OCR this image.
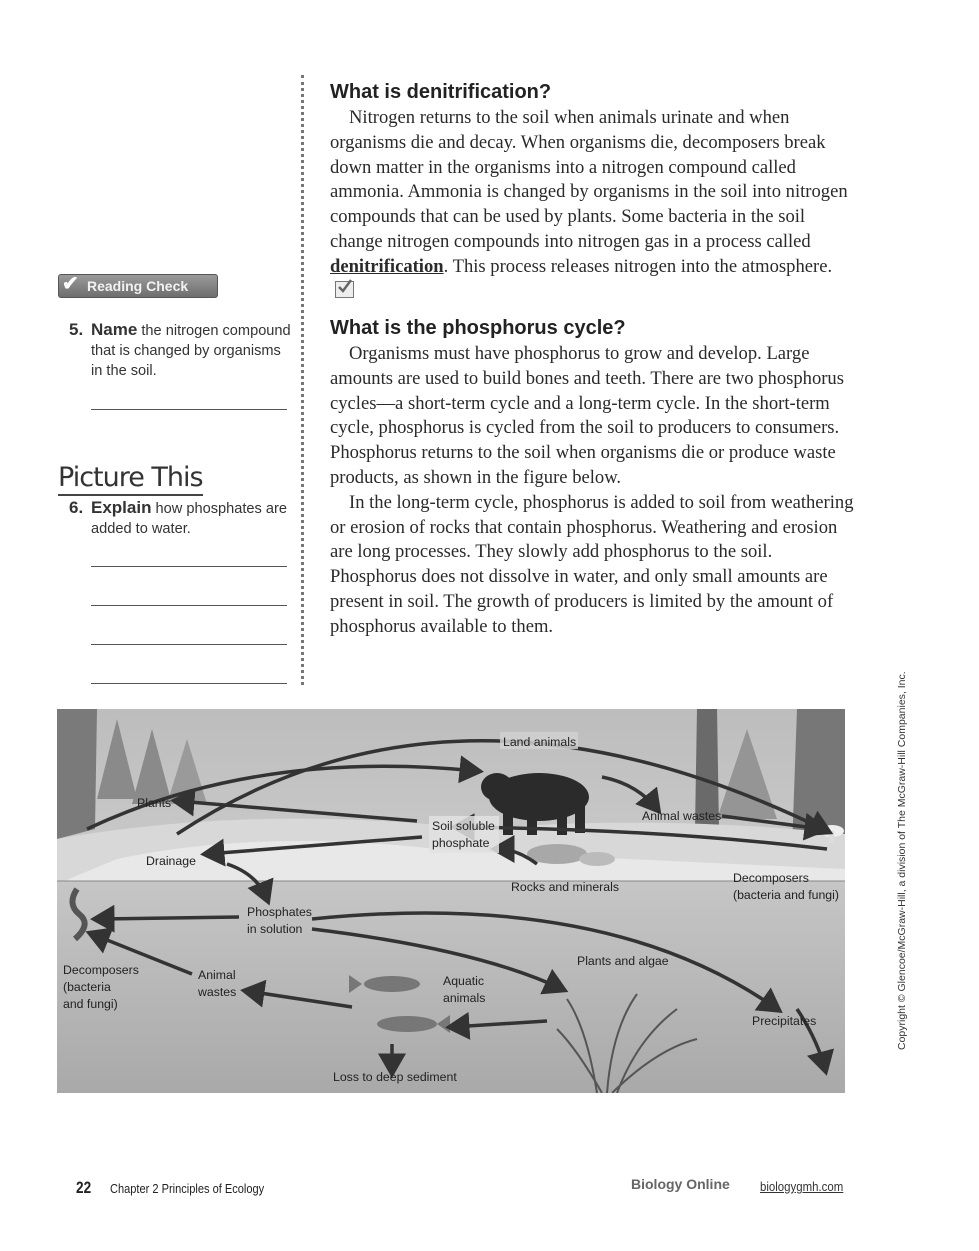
What is denitrification?

Nitrogen returns to the soil when animals urinate and when organisms die and decay. When organisms die, decomposers break down matter in the organisms into a nitrogen compound called ammonia. Ammonia is changed by organisms in the soil into nitrogen compounds that can be used by plants. Some bacteria in the soil change nitrogen compounds into nitrogen gas in a process called denitrification. This process releases nitrogen into the atmosphere.

What is the phosphorus cycle?

Organisms must have phosphorus to grow and develop. Large amounts are used to build bones and teeth. There are two phosphorus cycles—a short-term cycle and a long-term cycle. In the short-term cycle, phosphorus is cycled from the soil to producers to consumers. Phosphorus returns to the soil when organisms die or produce waste products, as shown in the figure below.

In the long-term cycle, phosphorus is added to soil from weathering or erosion of rocks that contain phosphorus. Weathering and erosion are long processes. They slowly add phosphorus to the soil. Phosphorus does not dissolve in water, and only small amounts are present in soil. The growth of producers is limited by the amount of phosphorus available to them.

✔ Reading Check
5. Name the nitrogen compound that is changed by organisms in the soil.
Picture This
6. Explain how phosphates are added to water.
Land animals
Plants
Animal wastes
Soil soluble
phosphate
Drainage
Rocks and minerals
Decomposers
(bacteria and fungi)
Phosphates
in solution
Plants and algae
Decomposers
(bacteria
and fungi)
Animal
wastes
Aquatic
animals
Precipitates
Loss to deep sediment
22 Chapter 2 Principles of Ecology	Biology Online biologygmh.com
Copyright © Glencoe/McGraw-Hill, a division of The McGraw-Hill Companies, Inc.
